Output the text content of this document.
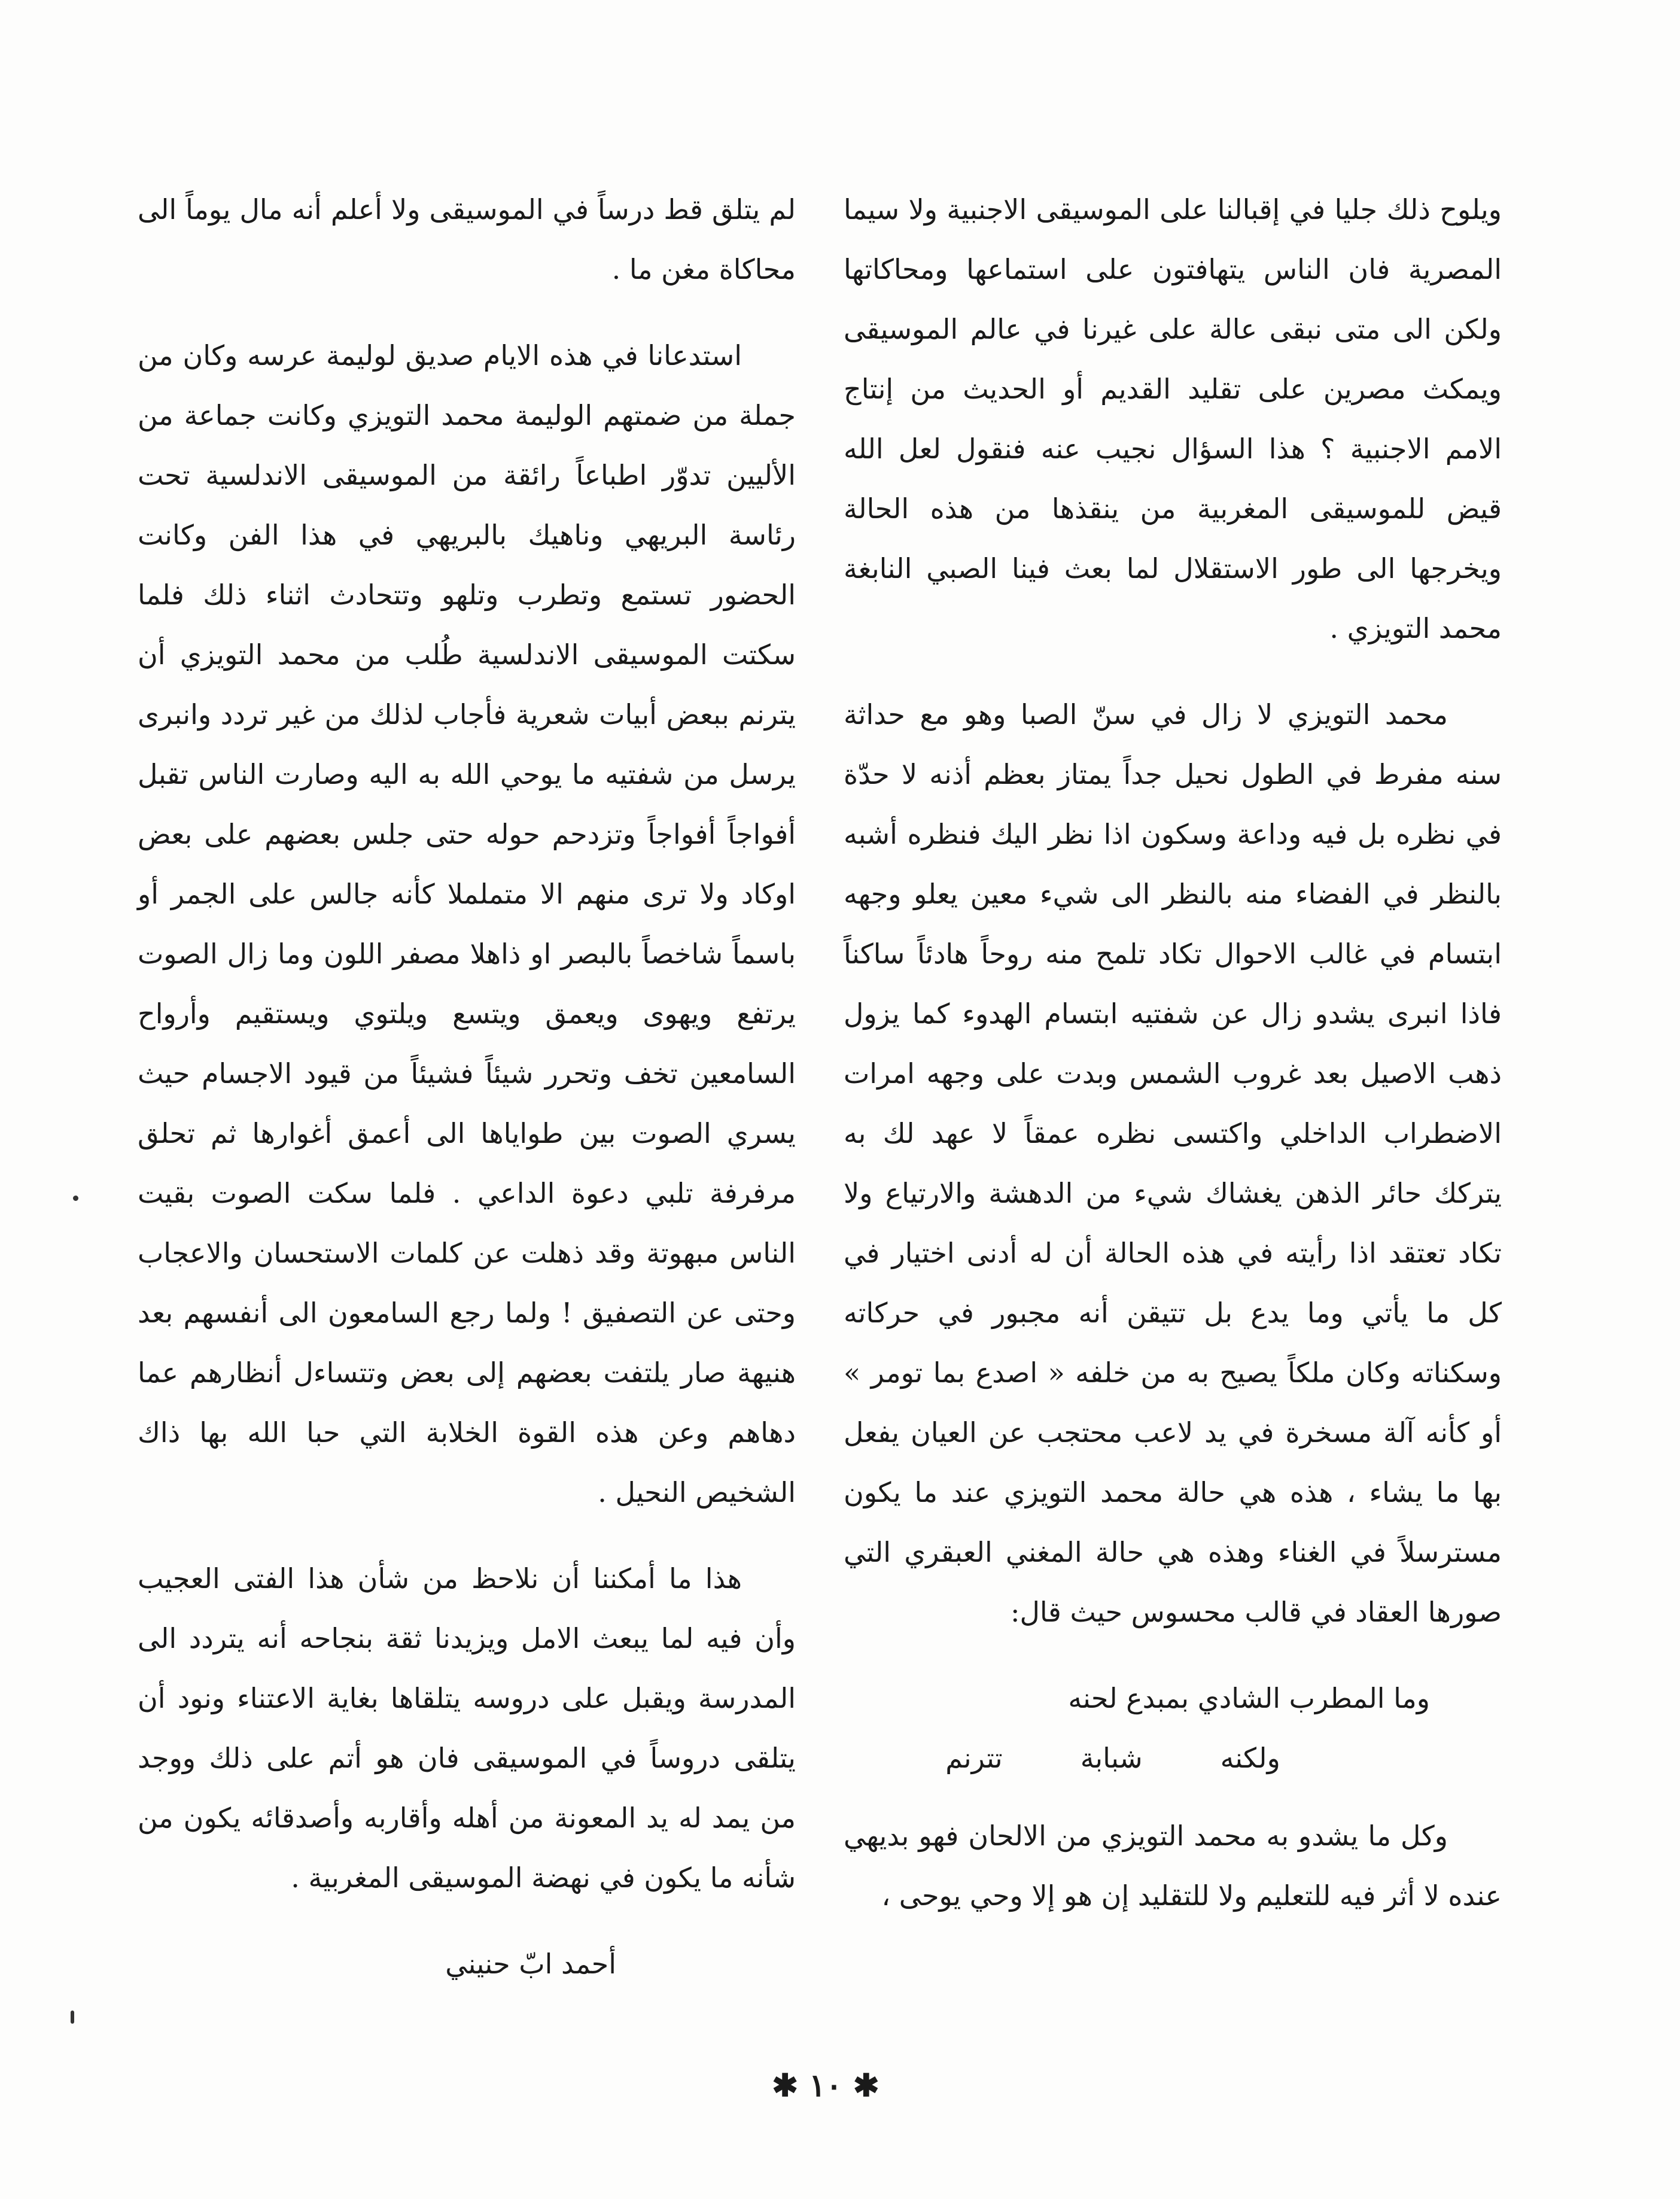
ويلوح ذلك جليا في إقبالنا على الموسيقى الاجنبية ولا سيما المصرية فان الناس يتهافتون على استماعها ومحاكاتها ولكن الى متى نبقى عالة على غيرنا في عالم الموسيقى ويمكث مصرين على تقليد القديم أو الحديث من إنتاج الامم الاجنبية ؟ هذا السؤال نجيب عنه فنقول لعل الله قيض للموسيقى المغربية من ينقذها من هذه الحالة ويخرجها الى طور الاستقلال لما بعث فينا الصبي النابغة محمد التويزي .

محمد التويزي لا زال في سنّ الصبا وهو مع حداثة سنه مفرط في الطول نحيل جداً يمتاز بعظم أذنه لا حدّة في نظره بل فيه وداعة وسكون اذا نظر اليك فنظره أشبه بالنظر في الفضاء منه بالنظر الى شيء معين يعلو وجهه ابتسام في غالب الاحوال تكاد تلمح منه روحاً هادئاً ساكناً فاذا انبرى يشدو زال عن شفتيه ابتسام الهدوء كما يزول ذهب الاصيل بعد غروب الشمس وبدت على وجهه امرات الاضطراب الداخلي واكتسى نظره عمقاً لا عهد لك به يتركك حائر الذهن يغشاك شيء من الدهشة والارتياع ولا تكاد تعتقد اذا رأيته في هذه الحالة أن له أدنى اختيار في كل ما يأتي وما يدع بل تتيقن أنه مجبور في حركاته وسكناته وكان ملكاً يصيح به من خلفه « اصدع بما تومر » أو كأنه آلة مسخرة في يد لاعب محتجب عن العيان يفعل بها ما يشاء ، هذه هي حالة محمد التويزي عند ما يكون مسترسلاً في الغناء وهذه هي حالة المغني العبقري التي صورها العقاد في قالب محسوس حيث قال:

وما المطرب الشادي بمبدع لحنه
ولكنه
شبابة
تترنم

وكل ما يشدو به محمد التويزي من الالحان فهو بديهي عنده لا أثر فيه للتعليم ولا للتقليد إن هو إلا وحي يوحى ،

لم يتلق قط درساً في الموسيقى ولا أعلم أنه مال يوماً الى محاكاة مغن ما .

استدعانا في هذه الايام صديق لوليمة عرسه وكان من جملة من ضمتهم الوليمة محمد التويزي وكانت جماعة من الأليين تدوّر اطباعاً رائقة من الموسيقى الاندلسية تحت رئاسة البريهي وناهيك بالبريهي في هذا الفن وكانت الحضور تستمع وتطرب وتلهو وتتحادث اثناء ذلك فلما سكتت الموسيقى الاندلسية طُلب من محمد التويزي أن يترنم ببعض أبيات شعرية فأجاب لذلك من غير تردد وانبرى يرسل من شفتيه ما يوحي الله به اليه وصارت الناس تقبل أفواجاً أفواجاً وتزدحم حوله حتى جلس بعضهم على بعض اوكاد ولا ترى منهم الا متململا كأنه جالس على الجمر أو باسماً شاخصاً بالبصر او ذاهلا مصفر اللون وما زال الصوت يرتفع ويهوى ويعمق ويتسع ويلتوي ويستقيم وأرواح السامعين تخف وتحرر شيئاً فشيئاً من قيود الاجسام حيث يسري الصوت بين طواياها الى أعمق أغوارها ثم تحلق مرفرفة تلبي دعوة الداعي . فلما سكت الصوت بقيت الناس مبهوتة وقد ذهلت عن كلمات الاستحسان والاعجاب وحتى عن التصفيق ! ولما رجع السامعون الى أنفسهم بعد هنيهة صار يلتفت بعضهم إلى بعض وتتساءل أنظارهم عما دهاهم وعن هذه القوة الخلابة التي حبا الله بها ذاك الشخيص النحيل .

هذا ما أمكننا أن نلاحظ من شأن هذا الفتى العجيب وأن فيه لما يبعث الامل ويزيدنا ثقة بنجاحه أنه يتردد الى المدرسة ويقبل على دروسه يتلقاها بغاية الاعتناء ونود أن يتلقى دروساً في الموسيقى فان هو أتم على ذلك ووجد من يمد له يد المعونة من أهله وأقاربه وأصدقائه يكون من شأنه ما يكون في نهضة الموسيقى المغربية .

أحمد ابّ حنيني
✱ ١٠ ✱
